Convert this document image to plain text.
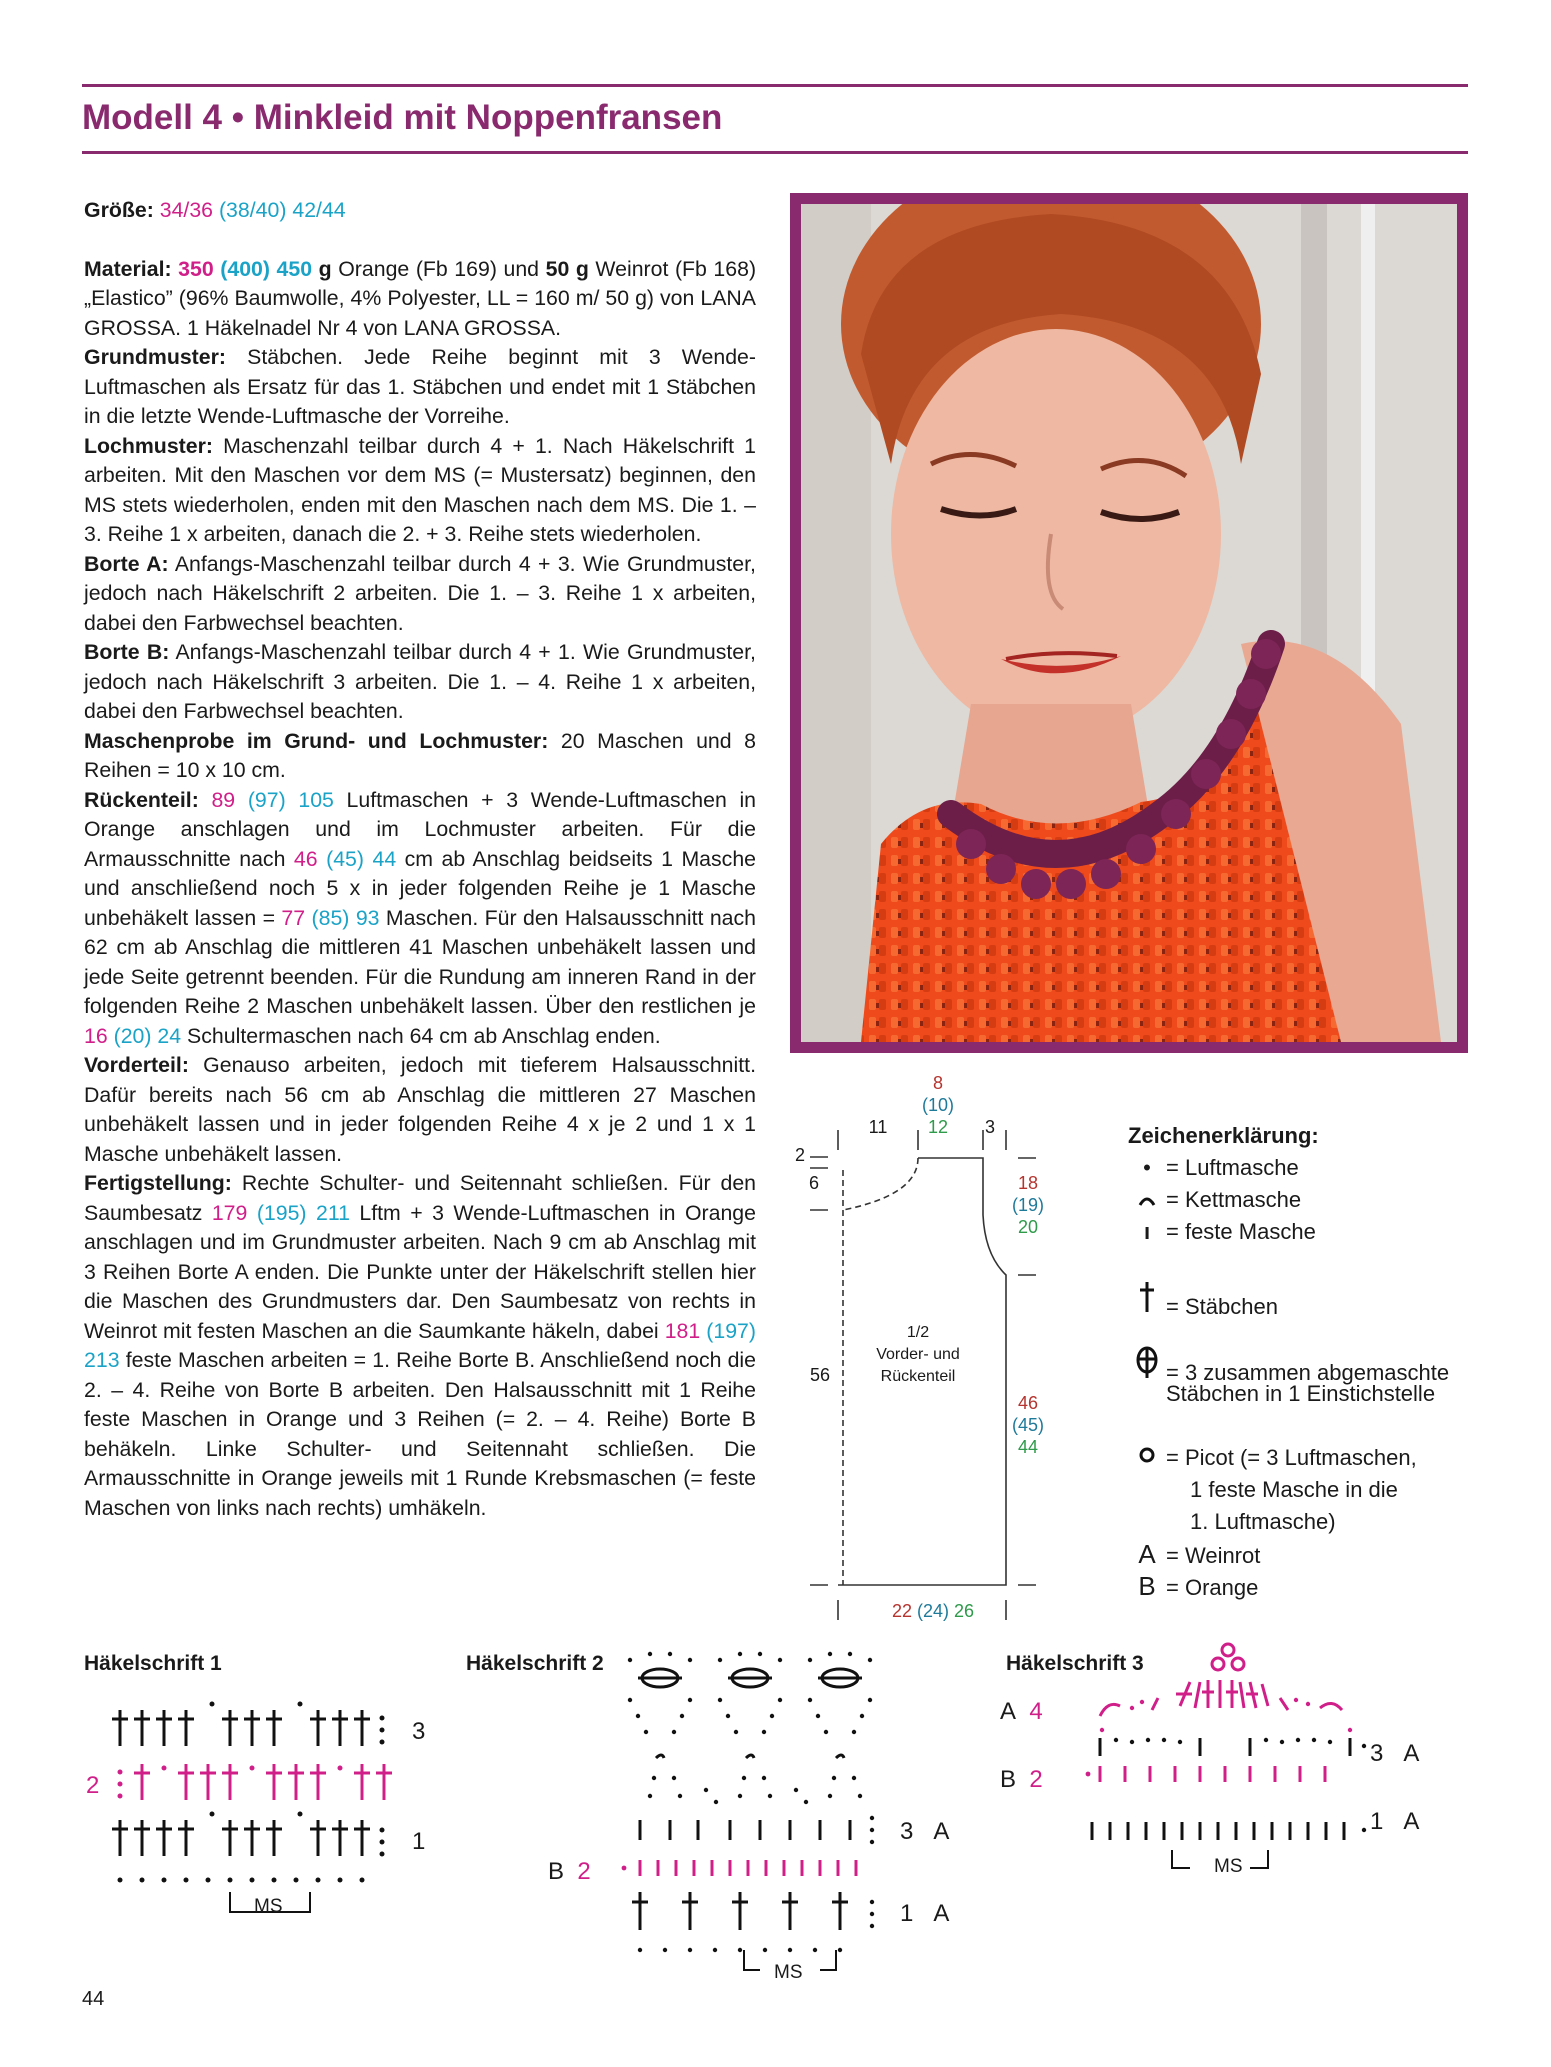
Modell 4 • Minkleid mit Noppenfransen

Größe: 34/36 (38/40) 42/44

Material: 350 (400) 450 g Orange (Fb 169) und 50 g Weinrot (Fb 168) „Elastico” (96% Baumwolle, 4% Polyester, LL = 160 m/ 50 g) von LANA GROSSA. 1 Häkelnadel Nr 4 von LANA GROSSA.

Grundmuster: Stäbchen. Jede Reihe beginnt mit 3 Wende-Luftmaschen als Ersatz für das 1. Stäbchen und endet mit 1 Stäbchen in die letzte Wende-Luftmasche der Vorreihe.

Lochmuster: Maschenzahl teilbar durch 4 + 1. Nach Häkelschrift 1 arbeiten. Mit den Maschen vor dem MS (= Mustersatz) beginnen, den MS stets wiederholen, enden mit den Maschen nach dem MS. Die 1. – 3. Reihe 1 x arbeiten, danach die 2. + 3. Reihe stets wiederholen.

Borte A: Anfangs-Maschenzahl teilbar durch 4 + 3. Wie Grundmuster, jedoch nach Häkelschrift 2 arbeiten. Die 1. – 3. Reihe 1 x arbeiten, dabei den Farbwechsel beachten.

Borte B: Anfangs-Maschenzahl teilbar durch 4 + 1. Wie Grundmuster, jedoch nach Häkelschrift 3 arbeiten. Die 1. – 4. Reihe 1 x arbeiten, dabei den Farbwechsel beachten.

Maschenprobe im Grund- und Lochmuster: 20 Maschen und 8 Reihen = 10 x 10 cm.

Rückenteil: 89 (97) 105 Luftmaschen + 3 Wende-Luftmaschen in Orange anschlagen und im Lochmuster arbeiten. Für die Armausschnitte nach 46 (45) 44 cm ab Anschlag beidseits 1 Masche und anschließend noch 5 x in jeder folgenden Reihe je 1 Masche unbehäkelt lassen = 77 (85) 93 Maschen. Für den Halsausschnitt nach 62 cm ab Anschlag die mittleren 41 Maschen unbehäkelt lassen und jede Seite getrennt beenden. Für die Rundung am inneren Rand in der folgenden Reihe 2 Maschen unbehäkelt lassen. Über den restlichen je 16 (20) 24 Schultermaschen nach 64 cm ab Anschlag enden.

Vorderteil: Genauso arbeiten, jedoch mit tieferem Halsausschnitt. Dafür bereits nach 56 cm ab Anschlag die mittleren 27 Maschen unbehäkelt lassen und in jeder folgenden Reihe 4 x je 2 und 1 x 1 Masche unbehäkelt lassen.

Fertigstellung: Rechte Schulter- und Seitennaht schließen. Für den Saumbesatz 179 (195) 211 Lftm + 3 Wende-Luftmaschen in Orange anschlagen und im Grundmuster arbeiten. Nach 9 cm ab Anschlag mit 3 Reihen Borte A enden. Die Punkte unter der Häkelschrift stellen hier die Maschen des Grundmusters dar. Den Saumbesatz von rechts in Weinrot mit festen Maschen an die Saumkante häkeln, dabei 181 (197) 213 feste Maschen arbeiten = 1. Reihe Borte B. Anschließend noch die 2. – 4. Reihe von Borte B arbeiten. Den Halsausschnitt mit 1 Reihe feste Maschen in Orange und 3 Reihen (= 2. – 4. Reihe) Borte B behäkeln. Linke Schulter- und Seitennaht schließen. Die Armausschnitte in Orange jeweils mit 1 Runde Krebsmaschen (= feste Maschen von links nach rechts) umhäkeln.

8
(10)
11	12	3
2
6	18
(19)
20
1/2
Vorder- und
Rückenteil
56
46
(45)
44
22 (24) 26
Zeichenerklärung:
• = Luftmasche
= Kettmasche
ı = feste Masche
= Stäbchen
= 3 zusammen abgemaschte
Stäbchen in 1 Einstichstelle
= Picot (= 3 Luftmaschen,
1 feste Masche in die
1. Luftmasche)
A = Weinrot
B = Orange
Häkelschrift 1
3
2
1
MS
Häkelschrift 2
3 A
B 2
1 A
MS
Häkelschrift 3
A 4
3 A
B 2
1 A
MS
44
